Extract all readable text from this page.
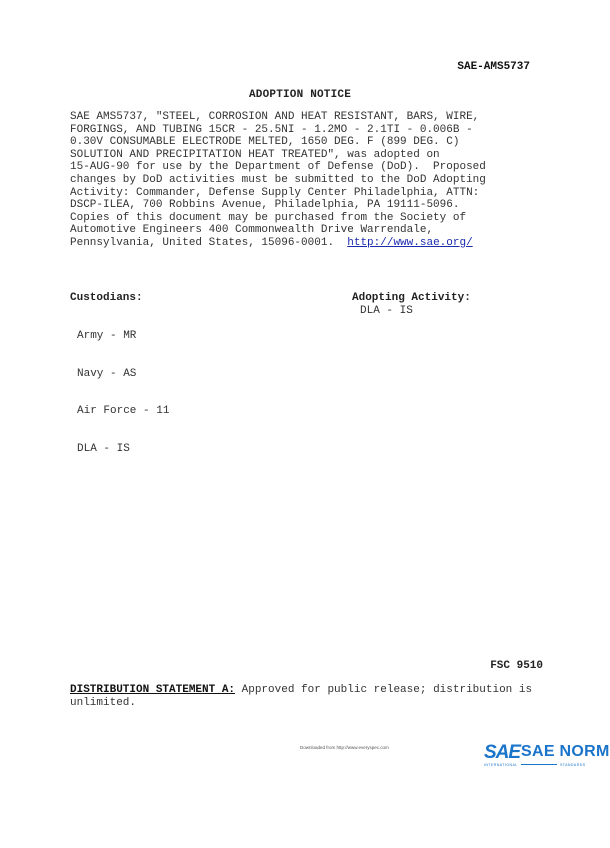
SAE-AMS5737
ADOPTION NOTICE
SAE AMS5737, "STEEL, CORROSION AND HEAT RESISTANT, BARS, WIRE,
FORGINGS, AND TUBING 15CR - 25.5NI - 1.2MO - 2.1TI - 0.006B -
0.30V CONSUMABLE ELECTRODE MELTED, 1650 DEG. F (899 DEG. C)
SOLUTION AND PRECIPITATION HEAT TREATED", was adopted on
15-AUG-90 for use by the Department of Defense (DoD).  Proposed
changes by DoD activities must be submitted to the DoD Adopting
Activity: Commander, Defense Supply Center Philadelphia, ATTN:
DSCP-ILEA, 700 Robbins Avenue, Philadelphia, PA 19111-5096.
Copies of this document may be purchased from the Society of
Automotive Engineers 400 Commonwealth Drive Warrendale,
Pennsylvania, United States, 15096-0001.  http://www.sae.org/
Custodians:

Army - MR

Navy - AS

Air Force - 11

DLA - IS

Adopting Activity:
DLA - IS
FSC 9510
DISTRIBUTION STATEMENT A: Approved for public release; distribution is unlimited.
Downloaded from http://www.everyspec.com

	SAE

SAE NORM

INTERNATIONAL

	STANDARDS
